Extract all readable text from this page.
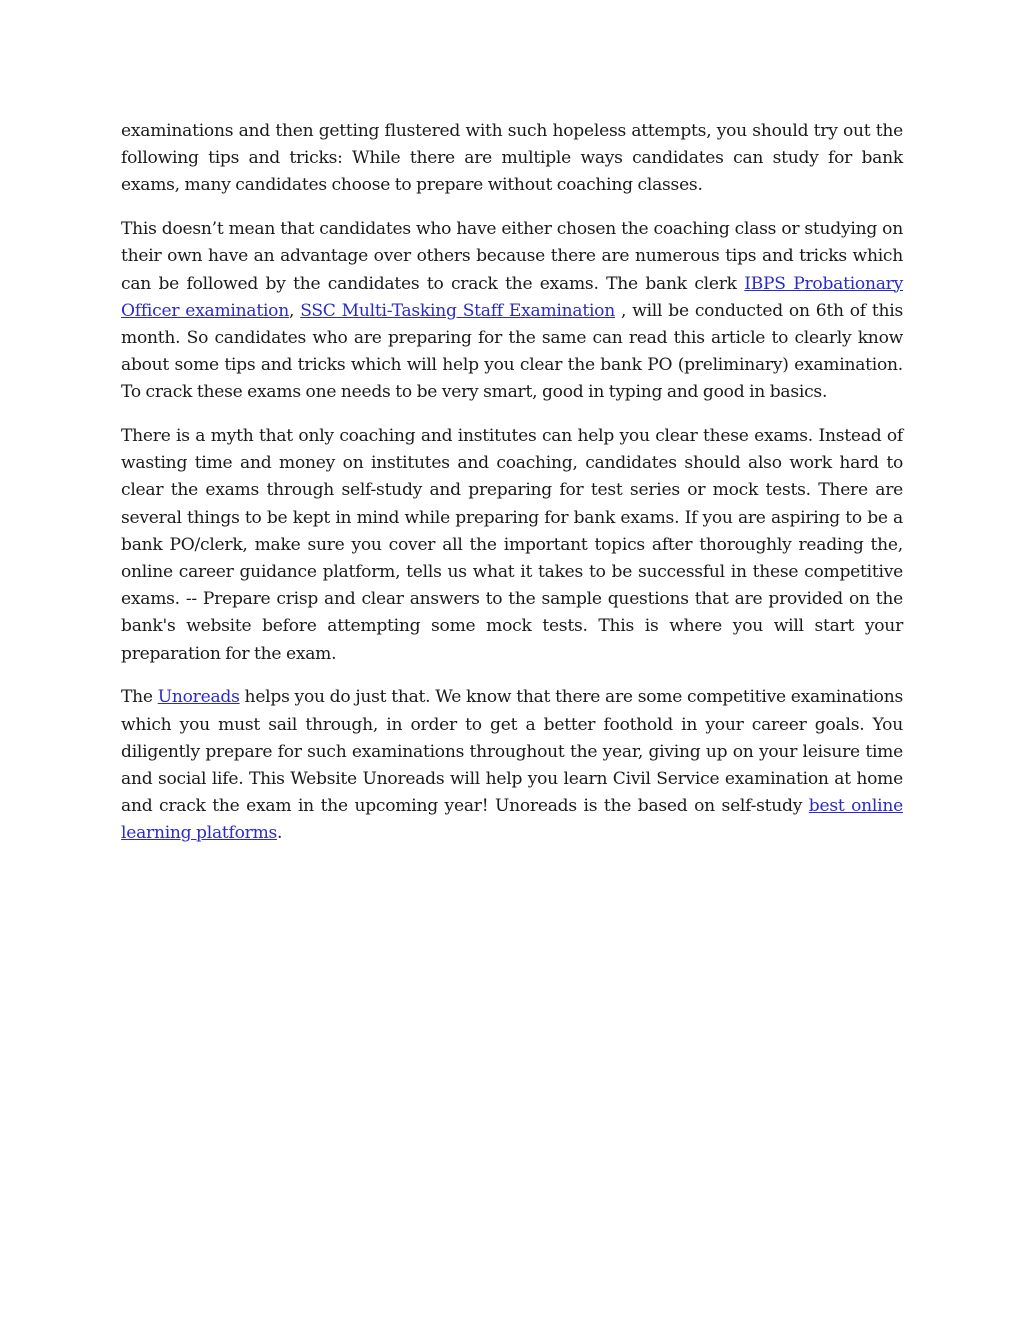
examinations and then getting flustered with such hopeless attempts, you should try out the following tips and tricks: While there are multiple ways candidates can study for bank exams, many candidates choose to prepare without coaching classes.

This doesn’t mean that candidates who have either chosen the coaching class or studying on their own have an advantage over others because there are numerous tips and tricks which can be followed by the candidates to crack the exams. The bank clerk IBPS Probationary Officer examination, SSC Multi-Tasking Staff Examination , will be conducted on 6th of this month. So candidates who are preparing for the same can read this article to clearly know about some tips and tricks which will help you clear the bank PO (preliminary) examination. To crack these exams one needs to be very smart, good in typing and good in basics.

There is a myth that only coaching and institutes can help you clear these exams. Instead of wasting time and money on institutes and coaching, candidates should also work hard to clear the exams through self-study and preparing for test series or mock tests. There are several things to be kept in mind while preparing for bank exams. If you are aspiring to be a bank PO/clerk, make sure you cover all the important topics after thoroughly reading the, online career guidance platform, tells us what it takes to be successful in these competitive exams. -- Prepare crisp and clear answers to the sample questions that are provided on the bank's website before attempting some mock tests. This is where you will start your preparation for the exam.

The Unoreads helps you do just that. We know that there are some competitive examinations which you must sail through, in order to get a better foothold in your career goals. You diligently prepare for such examinations throughout the year, giving up on your leisure time and social life. This Website Unoreads will help you learn Civil Service examination at home and crack the exam in the upcoming year! Unoreads is the based on self-study best online learning platforms.
